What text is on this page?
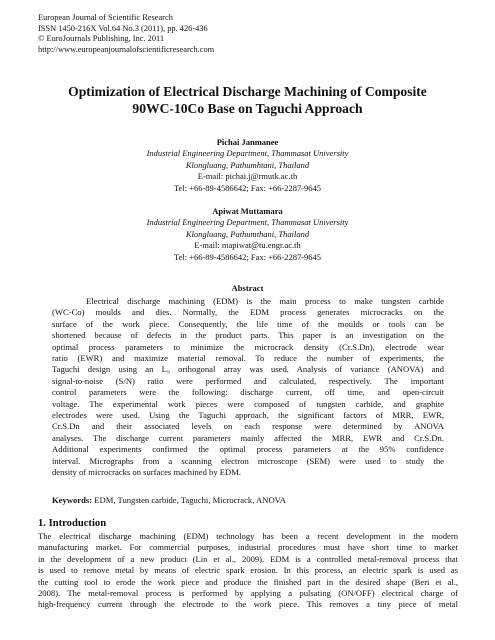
European Journal of Scientific Research
ISSN 1450-216X Vol.64 No.3 (2011), pp. 426-436
© EuroJournals Publishing, Inc. 2011
http://www.europeanjournalofscientificresearch.com
Optimization of Electrical Discharge Machining of Composite
90WC-10Co Base on Taguchi Approach
Pichai Janmanee
Industrial Engineering Department, Thammasat University
Klongluang, Pathumhtani, Thailand
E-mail: pichai.j@rmutk.ac.th
Tel: +66-89-4586642; Fax: +66-2287-9645
Apiwat Muttamara
Industrial Engineering Department, Thammasat University
Klongluang, Pathumthani, Thailand
E-mail: mapiwat@tu.engr.ac.th
Tel: +66-89-4586642; Fax: +66-2287-9645
Abstract
Electrical discharge machining (EDM) is the main process to make tungsten carbide
(WC-Co) moulds and dies. Normally, the EDM process generates microcracks on the
surface of the work piece. Consequently, the life time of the moulds or tools can be
shortened because of defects in the product parts. This paper is an investigation on the
optimal process parameters to minimize the microcrack density (Cr.S.Dn), electrode wear
ratio (EWR) and maximize material removal. To reduce the number of experiments, the
Taguchi design using an L₉ orthogonal array was used. Analysis of variance (ANOVA) and
signal-to-noise (S/N) ratio were performed and calculated, respectively. The important
control parameters were the following: discharge current, off time, and open-circuit
voltage. The experimental work pieces were composed of tungsten carbide, and graphite
electrodes were used. Using the Taguchi approach, the significant factors of MRR, EWR,
Cr.S.Dn and their associated levels on each response were determined by ANOVA
analyses. The discharge current parameters mainly affected the MRR, EWR and Cr.S.Dn.
Additional experiments confirmed the optimal process parameters at the 95% confidence
interval. Micrographs from a scanning electron microscope (SEM) were used to study the
density of microcracks on surfaces machined by EDM.
Keywords: EDM, Tungsten carbide, Taguchi, Microcrack, ANOVA
1. Introduction
The electrical discharge machining (EDM) technology has been a recent development in the modern
manufacturing market. For commercial purposes, industrial procedures must have short time to market
in the development of a new product (Lin et al., 2009). EDM is a controlled metal-removal process that
is used to remove metal by means of electric spark erosion. In this process, an electric spark is used as
the cutting tool to erode the work piece and produce the finished part in the desired shape (Beri et al.,
2008). The metal-removal process is performed by applying a pulsating (ON/OFF) electrical charge of
high-frequency current through the electrode to the work piece. This removes a tiny piece of metal
